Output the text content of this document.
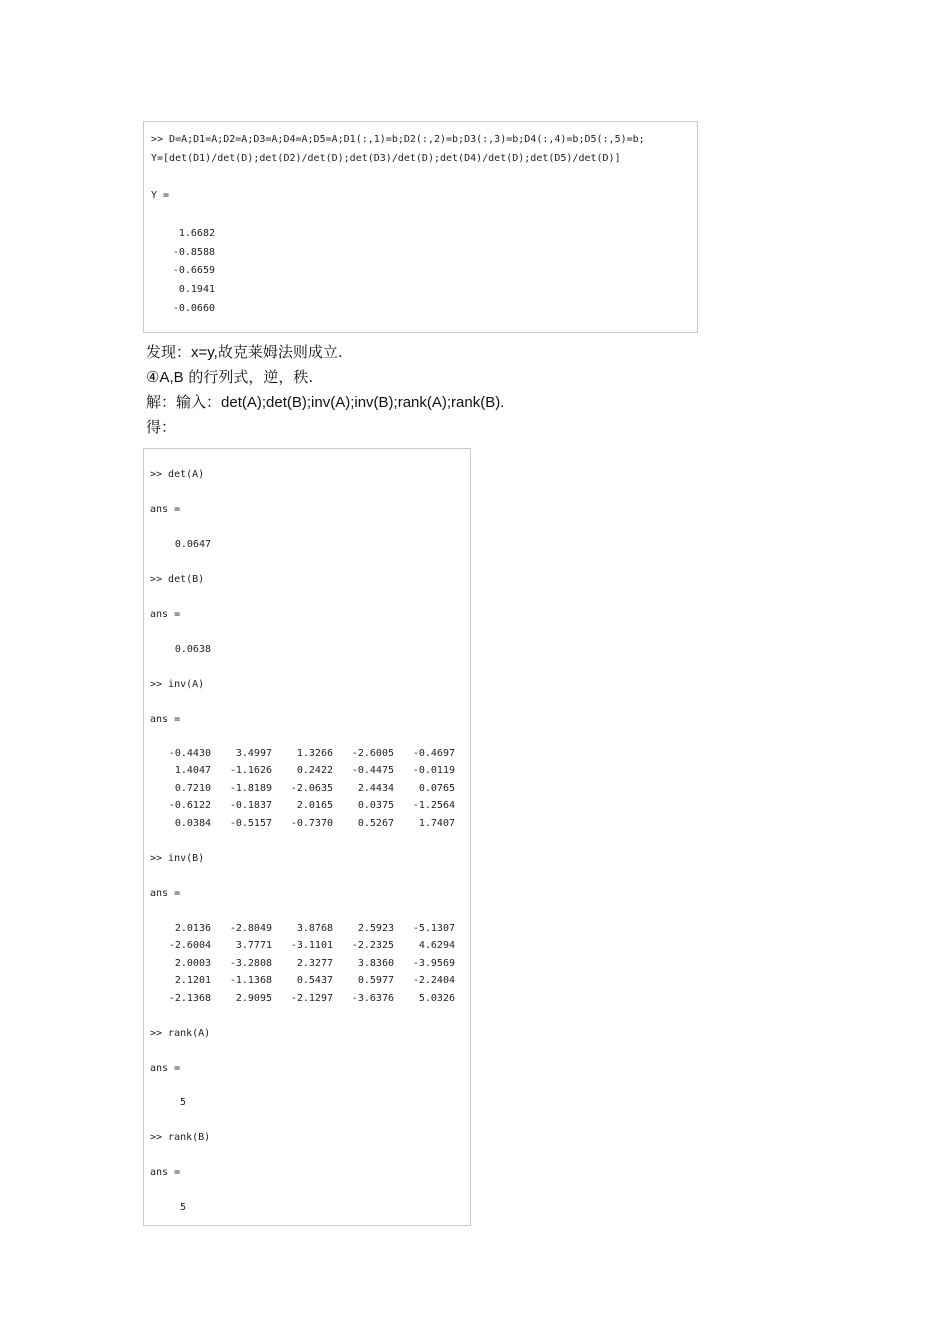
>> D=A;D1=A;D2=A;D3=A;D4=A;D5=A;D1(:,1)=b;D2(:,2)=b;D3(:,3)=b;D4(:,4)=b;D5(:,5)=b;
Y=[det(D1)/det(D);det(D2)/det(D);det(D3)/det(D);det(D4)/det(D);det(D5)/det(D)]
Y =
1.6682
-0.8588
-0.6659
0.1941
-0.0660
发现：x=y,故克莱姆法则成立.
④A,B 的行列式，逆，秩.
解：输入：det(A);det(B);inv(A);inv(B);rank(A);rank(B).
得：
>> det(A)
ans =
0.0647
>> det(B)
ans =
0.0638
>> inv(A)
ans =
-0.4430 3.4997 1.3266 -2.6005 -0.4697
1.4047 -1.1626 0.2422 -0.4475 -0.0119
0.7210 -1.8189 -2.0635 2.4434 0.0765
-0.6122 -0.1837 2.0165 0.0375 -1.2564
0.0384 -0.5157 -0.7370 0.5267 1.7407
>> inv(B)
ans =
2.0136 -2.8049 3.8768 2.5923 -5.1307
-2.6004 3.7771 -3.1101 -2.2325 4.6294
2.0003 -3.2808 2.3277 3.8360 -3.9569
2.1201 -1.1368 0.5437 0.5977 -2.2404
-2.1368 2.9095 -2.1297 -3.6376 5.0326
>> rank(A)
ans =
5
>> rank(B)
ans =
5
